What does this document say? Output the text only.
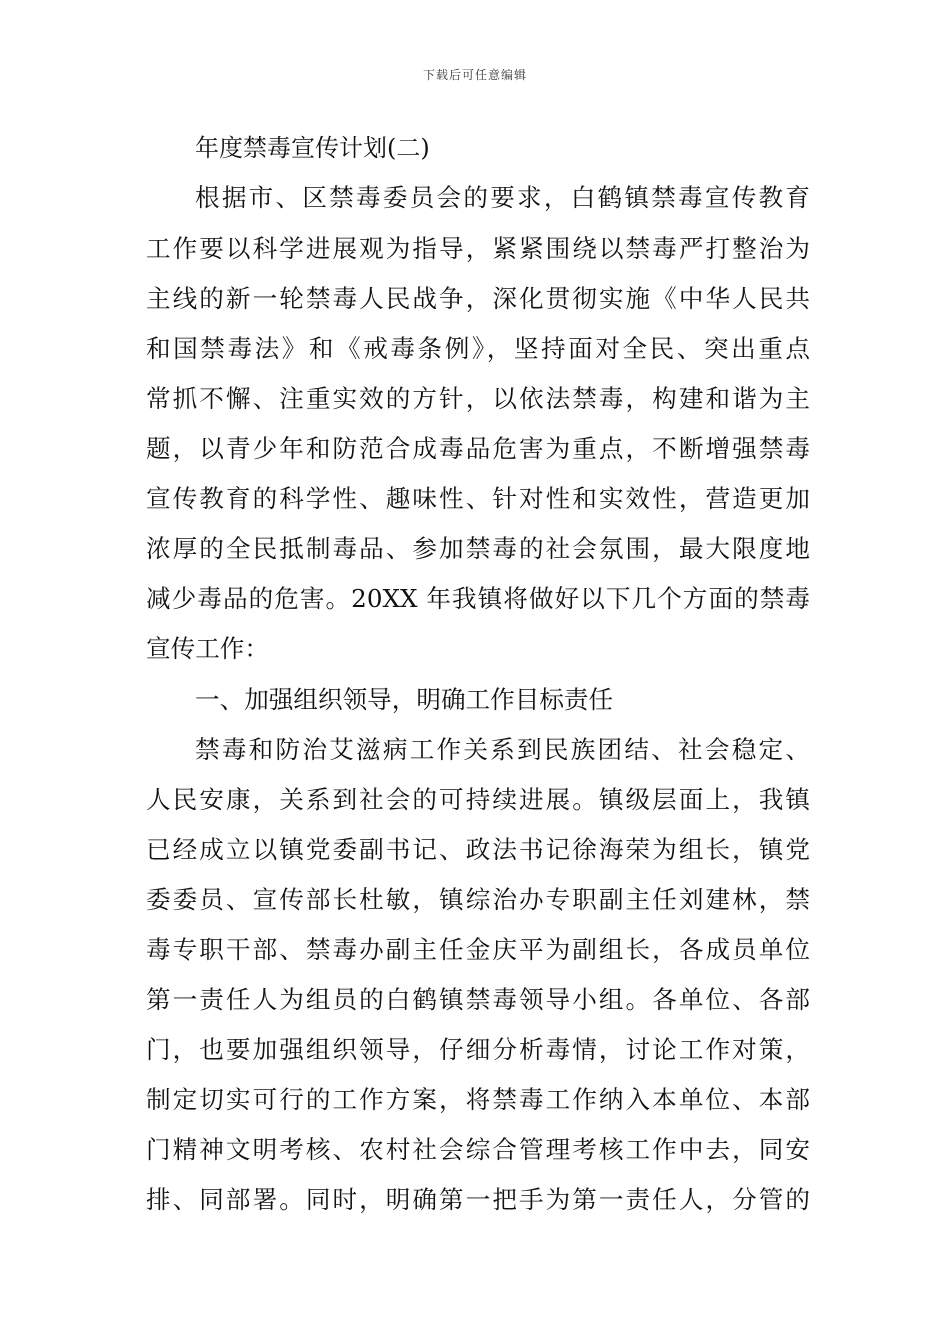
下载后可任意编辑
年度禁毒宣传计划(二)
根据市、区禁毒委员会的要求，白鹤镇禁毒宣传教育
工作要以科学进展观为指导，紧紧围绕以禁毒严打整治为
主线的新一轮禁毒人民战争，深化贯彻实施《中华人民共
和国禁毒法》和《戒毒条例》，坚持面对全民、突出重点
常抓不懈、注重实效的方针，以依法禁毒，构建和谐为主
题，以青少年和防范合成毒品危害为重点，不断增强禁毒
宣传教育的科学性、趣味性、针对性和实效性，营造更加
浓厚的全民抵制毒品、参加禁毒的社会氛围，最大限度地
减少毒品的危害。20XX 年我镇将做好以下几个方面的禁毒
宣传工作：
一、加强组织领导，明确工作目标责任
禁毒和防治艾滋病工作关系到民族团结、社会稳定、
人民安康，关系到社会的可持续进展。镇级层面上，我镇
已经成立以镇党委副书记、政法书记徐海荣为组长，镇党
委委员、宣传部长杜敏，镇综治办专职副主任刘建林，禁
毒专职干部、禁毒办副主任金庆平为副组长，各成员单位
第一责任人为组员的白鹤镇禁毒领导小组。各单位、各部
门，也要加强组织领导，仔细分析毒情，讨论工作对策，
制定切实可行的工作方案，将禁毒工作纳入本单位、本部
门精神文明考核、农村社会综合管理考核工作中去，同安
排、同部署。同时，明确第一把手为第一责任人，分管的
